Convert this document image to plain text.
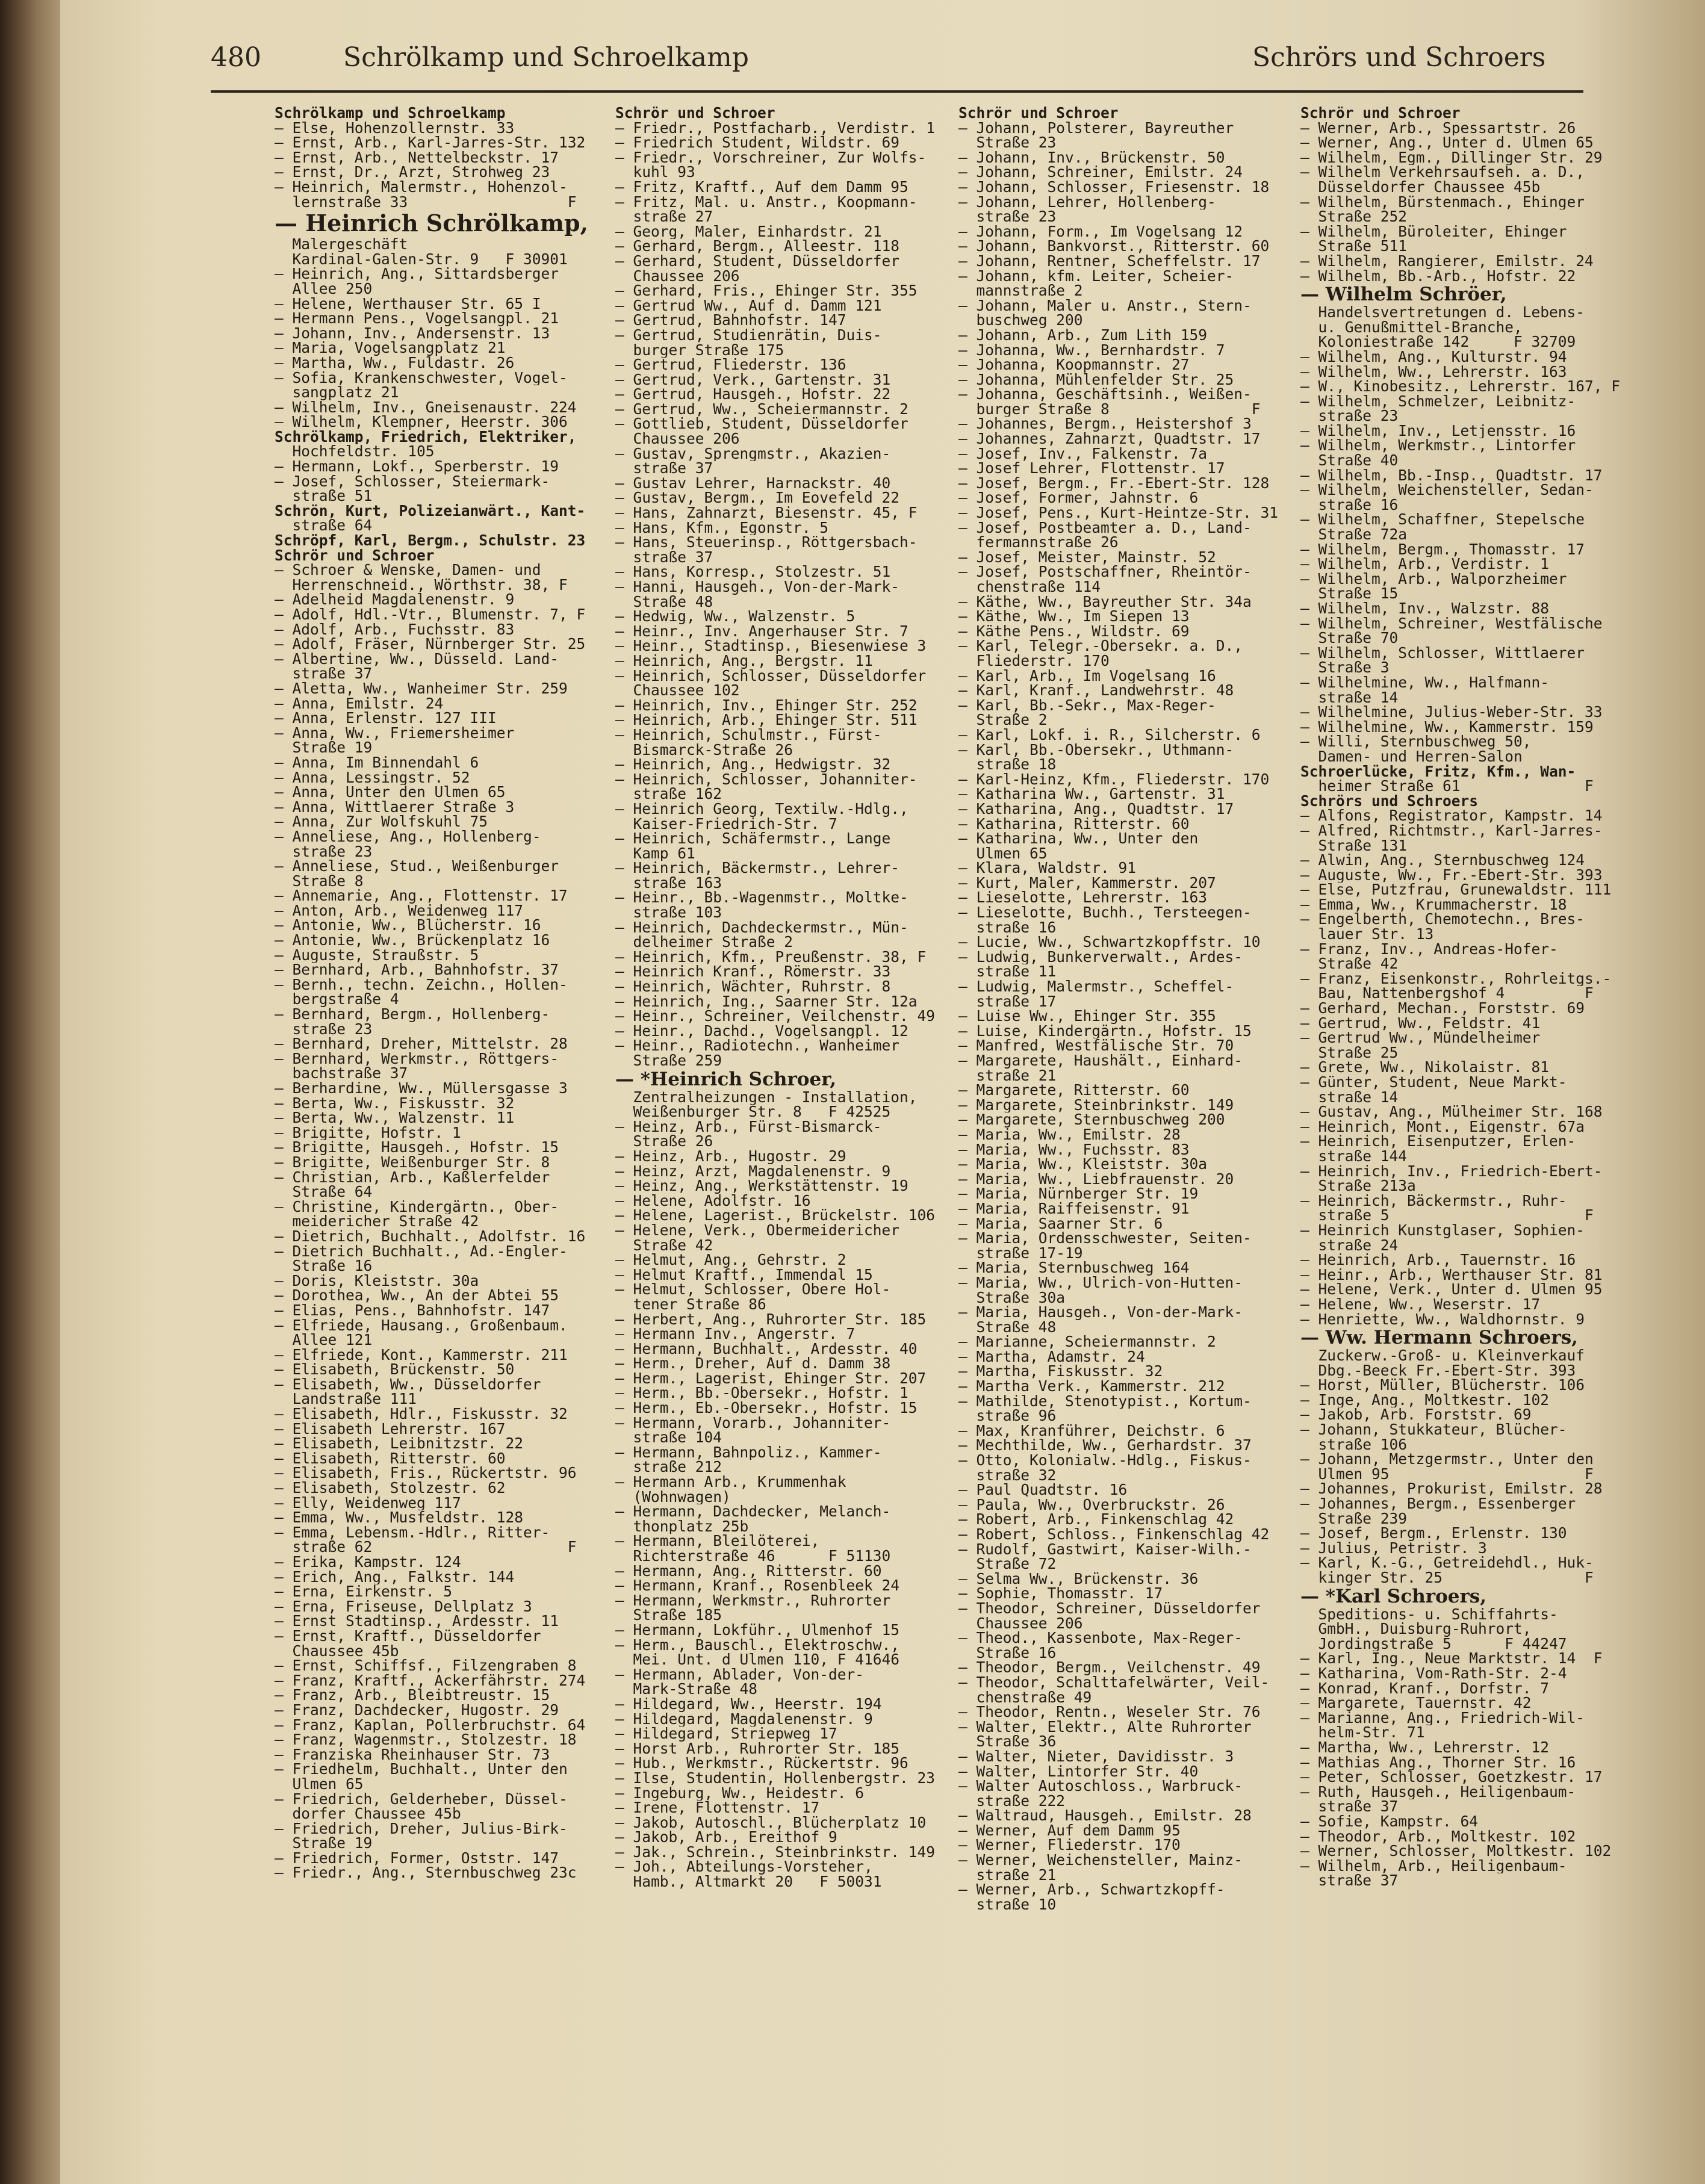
480	Schrölkamp und Schroelkamp	Schrörs und Schroers
Schrölkamp und Schroelkamp
— Else, Hohenzollernstr. 33
— Ernst, Arb., Karl-Jarres-Str. 132
— Ernst, Arb., Nettelbeckstr. 17
— Ernst, Dr., Arzt, Strohweg 23
— Heinrich, Malermstr., Hohenzol-
lernstraße 33                  F
— Heinrich Schrölkamp,
Malergeschäft
Kardinal-Galen-Str. 9   F 30901
— Heinrich, Ang., Sittardsberger
Allee 250
— Helene, Werthauser Str. 65 I
— Hermann Pens., Vogelsangpl. 21
— Johann, Inv., Andersenstr. 13
— Maria, Vogelsangplatz 21
— Martha, Ww., Fuldastr. 26
— Sofia, Krankenschwester, Vogel-
sangplatz 21
— Wilhelm, Inv., Gneisenaustr. 224
— Wilhelm, Klempner, Heerstr. 306
Schrölkamp, Friedrich, Elektriker,
Hochfeldstr. 105
— Hermann, Lokf., Sperberstr. 19
— Josef, Schlosser, Steiermark-
straße 51
Schrön, Kurt, Polizeianwärt., Kant-
straße 64
Schröpf, Karl, Bergm., Schulstr. 23
Schrör und Schroer
— Schroer & Wenske, Damen- und
Herrenschneid., Wörthstr. 38, F
— Adelheid Magdalenenstr. 9
— Adolf, Hdl.-Vtr., Blumenstr. 7, F
— Adolf, Arb., Fuchsstr. 83
— Adolf, Fräser, Nürnberger Str. 25
— Albertine, Ww., Düsseld. Land-
straße 37
— Aletta, Ww., Wanheimer Str. 259
— Anna, Emilstr. 24
— Anna, Erlenstr. 127 III
— Anna, Ww., Friemersheimer
Straße 19
— Anna, Im Binnendahl 6
— Anna, Lessingstr. 52
— Anna, Unter den Ulmen 65
— Anna, Wittlaerer Straße 3
— Anna, Zur Wolfskuhl 75
— Anneliese, Ang., Hollenberg-
straße 23
— Anneliese, Stud., Weißenburger
Straße 8
— Annemarie, Ang., Flottenstr. 17
— Anton, Arb., Weidenweg 117
— Antonie, Ww., Blücherstr. 16
— Antonie, Ww., Brückenplatz 16
— Auguste, Straußstr. 5
— Bernhard, Arb., Bahnhofstr. 37
— Bernh., techn. Zeichn., Hollen-
bergstraße 4
— Bernhard, Bergm., Hollenberg-
straße 23
— Bernhard, Dreher, Mittelstr. 28
— Bernhard, Werkmstr., Röttgers-
bachstraße 37
— Berhardine, Ww., Müllersgasse 3
— Berta, Ww., Fiskusstr. 32
— Berta, Ww., Walzenstr. 11
— Brigitte, Hofstr. 1
— Brigitte, Hausgeh., Hofstr. 15
— Brigitte, Weißenburger Str. 8
— Christian, Arb., Kaßlerfelder
Straße 64
— Christine, Kindergärtn., Ober-
meidericher Straße 42
— Dietrich, Buchhalt., Adolfstr. 16
— Dietrich Buchhalt., Ad.-Engler-
Straße 16
— Doris, Kleiststr. 30a
— Dorothea, Ww., An der Abtei 55
— Elias, Pens., Bahnhofstr. 147
— Elfriede, Hausang., Großenbaum.
Allee 121
— Elfriede, Kont., Kammerstr. 211
— Elisabeth, Brückenstr. 50
— Elisabeth, Ww., Düsseldorfer
Landstraße 111
— Elisabeth, Hdlr., Fiskusstr. 32
— Elisabeth Lehrerstr. 167
— Elisabeth, Leibnitzstr. 22
— Elisabeth, Ritterstr. 60
— Elisabeth, Fris., Rückertstr. 96
— Elisabeth, Stolzestr. 62
— Elly, Weidenweg 117
— Emma, Ww., Musfeldstr. 128
— Emma, Lebensm.-Hdlr., Ritter-
straße 62                      F
— Erika, Kampstr. 124
— Erich, Ang., Falkstr. 144
— Erna, Eirkenstr. 5
— Erna, Friseuse, Dellplatz 3
— Ernst Stadtinsp., Ardesstr. 11
— Ernst, Kraftf., Düsseldorfer
Chaussee 45b
— Ernst, Schiffsf., Filzengraben 8
— Franz, Kraftf., Ackerfährstr. 274
— Franz, Arb., Bleibtreustr. 15
— Franz, Dachdecker, Hugostr. 29
— Franz, Kaplan, Pollerbruchstr. 64
— Franz, Wagenmstr., Stolzestr. 18
— Franziska Rheinhauser Str. 73
— Friedhelm, Buchhalt., Unter den
Ulmen 65
— Friedrich, Gelderheber, Düssel-
dorfer Chaussee 45b
— Friedrich, Dreher, Julius-Birk-
Straße 19
— Friedrich, Former, Oststr. 147
— Friedr., Ang., Sternbuschweg 23c
Schrör und Schroer
— Friedr., Postfacharb., Verdistr. 1
— Friedrich Student, Wildstr. 69
— Friedr., Vorschreiner, Zur Wolfs-
kuhl 93
— Fritz, Kraftf., Auf dem Damm 95
— Fritz, Mal. u. Anstr., Koopmann-
straße 27
— Georg, Maler, Einhardstr. 21
— Gerhard, Bergm., Alleestr. 118
— Gerhard, Student, Düsseldorfer
Chaussee 206
— Gerhard, Fris., Ehinger Str. 355
— Gertrud Ww., Auf d. Damm 121
— Gertrud, Bahnhofstr. 147
— Gertrud, Studienrätin, Duis-
burger Straße 175
— Gertrud, Fliederstr. 136
— Gertrud, Verk., Gartenstr. 31
— Gertrud, Hausgeh., Hofstr. 22
— Gertrud, Ww., Scheiermannstr. 2
— Gottlieb, Student, Düsseldorfer
Chaussee 206
— Gustav, Sprengmstr., Akazien-
straße 37
— Gustav Lehrer, Harnackstr. 40
— Gustav, Bergm., Im Eovefeld 22
— Hans, Zahnarzt, Biesenstr. 45, F
— Hans, Kfm., Egonstr. 5
— Hans, Steuerinsp., Röttgersbach-
straße 37
— Hans, Korresp., Stolzestr. 51
— Hanni, Hausgeh., Von-der-Mark-
Straße 48
— Hedwig, Ww., Walzenstr. 5
— Heinr., Inv. Angerhauser Str. 7
— Heinr., Stadtinsp., Biesenwiese 3
— Heinrich, Ang., Bergstr. 11
— Heinrich, Schlosser, Düsseldorfer
Chaussee 102
— Heinrich, Inv., Ehinger Str. 252
— Heinrich, Arb., Ehinger Str. 511
— Heinrich, Schulmstr., Fürst-
Bismarck-Straße 26
— Heinrich, Ang., Hedwigstr. 32
— Heinrich, Schlosser, Johanniter-
straße 162
— Heinrich Georg, Textilw.-Hdlg.,
Kaiser-Friedrich-Str. 7
— Heinrich, Schäfermstr., Lange
Kamp 61
— Heinrich, Bäckermstr., Lehrer-
straße 163
— Heinr., Bb.-Wagenmstr., Moltke-
straße 103
— Heinrich, Dachdeckermstr., Mün-
delheimer Straße 2
— Heinrich, Kfm., Preußenstr. 38, F
— Heinrich Kranf., Römerstr. 33
— Heinrich, Wächter, Ruhrstr. 8
— Heinrich, Ing., Saarner Str. 12a
— Heinr., Schreiner, Veilchenstr. 49
— Heinr., Dachd., Vogelsangpl. 12
— Heinr., Radiotechn., Wanheimer
Straße 259
— *Heinrich Schroer,
Zentralheizungen - Installation,
Weißenburger Str. 8   F 42525
— Heinz, Arb., Fürst-Bismarck-
Straße 26
— Heinz, Arb., Hugostr. 29
— Heinz, Arzt, Magdalenenstr. 9
— Heinz, Ang., Werkstättenstr. 19
— Helene, Adolfstr. 16
— Helene, Lagerist., Brückelstr. 106
— Helene, Verk., Obermeidericher
Straße 42
— Helmut, Ang., Gehrstr. 2
— Helmut Kraftf., Immendal 15
— Helmut, Schlosser, Obere Hol-
tener Straße 86
— Herbert, Ang., Ruhrorter Str. 185
— Hermann Inv., Angerstr. 7
— Hermann, Buchhalt., Ardesstr. 40
— Herm., Dreher, Auf d. Damm 38
— Herm., Lagerist, Ehinger Str. 207
— Herm., Bb.-Obersekr., Hofstr. 1
— Herm., Eb.-Obersekr., Hofstr. 15
— Hermann, Vorarb., Johanniter-
straße 104
— Hermann, Bahnpoliz., Kammer-
straße 212
— Hermann Arb., Krummenhak
(Wohnwagen)
— Hermann, Dachdecker, Melanch-
thonplatz 25b
— Hermann, Bleilöterei,
Richterstraße 46      F 51130
— Hermann, Ang., Ritterstr. 60
— Hermann, Kranf., Rosenbleek 24
— Hermann, Werkmstr., Ruhrorter
Straße 185
— Hermann, Lokführ., Ulmenhof 15
— Herm., Bauschl., Elektroschw.,
Mei. Unt. d Ulmen 110, F 41646
— Hermann, Ablader, Von-der-
Mark-Straße 48
— Hildegard, Ww., Heerstr. 194
— Hildegard, Magdalenenstr. 9
— Hildegard, Striepweg 17
— Horst Arb., Ruhrorter Str. 185
— Hub., Werkmstr., Rückertstr. 96
— Ilse, Studentin, Hollenbergstr. 23
— Ingeburg, Ww., Heidestr. 6
— Irene, Flottenstr. 17
— Jakob, Autoschl., Blücherplatz 10
— Jakob, Arb., Ereithof 9
— Jak., Schrein., Steinbrinkstr. 149
— Joh., Abteilungs-Vorsteher,
Hamb., Altmarkt 20   F 50031
Schrör und Schroer
— Johann, Polsterer, Bayreuther
Straße 23
— Johann, Inv., Brückenstr. 50
— Johann, Schreiner, Emilstr. 24
— Johann, Schlosser, Friesenstr. 18
— Johann, Lehrer, Hollenberg-
straße 23
— Johann, Form., Im Vogelsang 12
— Johann, Bankvorst., Ritterstr. 60
— Johann, Rentner, Scheffelstr. 17
— Johann, kfm. Leiter, Scheier-
mannstraße 2
— Johann, Maler u. Anstr., Stern-
buschweg 200
— Johann, Arb., Zum Lith 159
— Johanna, Ww., Bernhardstr. 7
— Johanna, Koopmannstr. 27
— Johanna, Mühlenfelder Str. 25
— Johanna, Geschäftsinh., Weißen-
burger Straße 8                F
— Johannes, Bergm., Heistershof 3
— Johannes, Zahnarzt, Quadtstr. 17
— Josef, Inv., Falkenstr. 7a
— Josef Lehrer, Flottenstr. 17
— Josef, Bergm., Fr.-Ebert-Str. 128
— Josef, Former, Jahnstr. 6
— Josef, Pens., Kurt-Heintze-Str. 31
— Josef, Postbeamter a. D., Land-
fermannstraße 26
— Josef, Meister, Mainstr. 52
— Josef, Postschaffner, Rheintör-
chenstraße 114
— Käthe, Ww., Bayreuther Str. 34a
— Käthe, Ww., Im Siepen 13
— Käthe Pens., Wildstr. 69
— Karl, Telegr.-Obersekr. a. D.,
Fliederstr. 170
— Karl, Arb., Im Vogelsang 16
— Karl, Kranf., Landwehrstr. 48
— Karl, Bb.-Sekr., Max-Reger-
Straße 2
— Karl, Lokf. i. R., Silcherstr. 6
— Karl, Bb.-Obersekr., Uthmann-
straße 18
— Karl-Heinz, Kfm., Fliederstr. 170
— Katharina Ww., Gartenstr. 31
— Katharina, Ang., Quadtstr. 17
— Katharina, Ritterstr. 60
— Katharina, Ww., Unter den
Ulmen 65
— Klara, Waldstr. 91
— Kurt, Maler, Kammerstr. 207
— Lieselotte, Lehrerstr. 163
— Lieselotte, Buchh., Tersteegen-
straße 16
— Lucie, Ww., Schwartzkopffstr. 10
— Ludwig, Bunkerverwalt., Ardes-
straße 11
— Ludwig, Malermstr., Scheffel-
straße 17
— Luise Ww., Ehinger Str. 355
— Luise, Kindergärtn., Hofstr. 15
— Manfred, Westfälische Str. 70
— Margarete, Haushält., Einhard-
straße 21
— Margarete, Ritterstr. 60
— Margarete, Steinbrinkstr. 149
— Margarete, Sternbuschweg 200
— Maria, Ww., Emilstr. 28
— Maria, Ww., Fuchsstr. 83
— Maria, Ww., Kleiststr. 30a
— Maria, Ww., Liebfrauenstr. 20
— Maria, Nürnberger Str. 19
— Maria, Raiffeisenstr. 91
— Maria, Saarner Str. 6
— Maria, Ordensschwester, Seiten-
straße 17-19
— Maria, Sternbuschweg 164
— Maria, Ww., Ulrich-von-Hutten-
Straße 30a
— Maria, Hausgeh., Von-der-Mark-
Straße 48
— Marianne, Scheiermannstr. 2
— Martha, Adamstr. 24
— Martha, Fiskusstr. 32
— Martha Verk., Kammerstr. 212
— Mathilde, Stenotypist., Kortum-
straße 96
— Max, Kranführer, Deichstr. 6
— Mechthilde, Ww., Gerhardstr. 37
— Otto, Kolonialw.-Hdlg., Fiskus-
straße 32
— Paul Quadtstr. 16
— Paula, Ww., Overbruckstr. 26
— Robert, Arb., Finkenschlag 42
— Robert, Schloss., Finkenschlag 42
— Rudolf, Gastwirt, Kaiser-Wilh.-
Straße 72
— Selma Ww., Brückenstr. 36
— Sophie, Thomasstr. 17
— Theodor, Schreiner, Düsseldorfer
Chaussee 206
— Theod., Kassenbote, Max-Reger-
Straße 16
— Theodor, Bergm., Veilchenstr. 49
— Theodor, Schalttafelwärter, Veil-
chenstraße 49
— Theodor, Rentn., Weseler Str. 76
— Walter, Elektr., Alte Ruhrorter
Straße 36
— Walter, Nieter, Davidisstr. 3
— Walter, Lintorfer Str. 40
— Walter Autoschloss., Warbruck-
straße 222
— Waltraud, Hausgeh., Emilstr. 28
— Werner, Auf dem Damm 95
— Werner, Fliederstr. 170
— Werner, Weichensteller, Mainz-
straße 21
— Werner, Arb., Schwartzkopff-
straße 10
Schrör und Schroer
— Werner, Arb., Spessartstr. 26
— Werner, Ang., Unter d. Ulmen 65
— Wilhelm, Egm., Dillinger Str. 29
— Wilhelm Verkehrsaufseh. a. D.,
Düsseldorfer Chaussee 45b
— Wilhelm, Bürstenmach., Ehinger
Straße 252
— Wilhelm, Büroleiter, Ehinger
Straße 511
— Wilhelm, Rangierer, Emilstr. 24
— Wilhelm, Bb.-Arb., Hofstr. 22
— Wilhelm Schröer,
Handelsvertretungen d. Lebens-
u. Genußmittel-Branche,
Koloniestraße 142     F 32709
— Wilhelm, Ang., Kulturstr. 94
— Wilhelm, Ww., Lehrerstr. 163
— W., Kinobesitz., Lehrerstr. 167, F
— Wilhelm, Schmelzer, Leibnitz-
straße 23
— Wilhelm, Inv., Letjensstr. 16
— Wilhelm, Werkmstr., Lintorfer
Straße 40
— Wilhelm, Bb.-Insp., Quadtstr. 17
— Wilhelm, Weichensteller, Sedan-
straße 16
— Wilhelm, Schaffner, Stepelsche
Straße 72a
— Wilhelm, Bergm., Thomasstr. 17
— Wilhelm, Arb., Verdistr. 1
— Wilhelm, Arb., Walporzheimer
Straße 15
— Wilhelm, Inv., Walzstr. 88
— Wilhelm, Schreiner, Westfälische
Straße 70
— Wilhelm, Schlosser, Wittlaerer
Straße 3
— Wilhelmine, Ww., Halfmann-
straße 14
— Wilhelmine, Julius-Weber-Str. 33
— Wilhelmine, Ww., Kammerstr. 159
— Willi, Sternbuschweg 50,
Damen- und Herren-Salon
Schroerlücke, Fritz, Kfm., Wan-
heimer Straße 61              F
Schrörs und Schroers
— Alfons, Registrator, Kampstr. 14
— Alfred, Richtmstr., Karl-Jarres-
Straße 131
— Alwin, Ang., Sternbuschweg 124
— Auguste, Ww., Fr.-Ebert-Str. 393
— Else, Putzfrau, Grunewaldstr. 111
— Emma, Ww., Krummacherstr. 18
— Engelberth, Chemotechn., Bres-
lauer Str. 13
— Franz, Inv., Andreas-Hofer-
Straße 42
— Franz, Eisenkonstr., Rohrleitgs.-
Bau, Nattenbergshof 4         F
— Gerhard, Mechan., Forststr. 69
— Gertrud, Ww., Feldstr. 41
— Gertrud Ww., Mündelheimer
Straße 25
— Grete, Ww., Nikolaistr. 81
— Günter, Student, Neue Markt-
straße 14
— Gustav, Ang., Mülheimer Str. 168
— Heinrich, Mont., Eigenstr. 67a
— Heinrich, Eisenputzer, Erlen-
straße 144
— Heinrich, Inv., Friedrich-Ebert-
Straße 213a
— Heinrich, Bäckermstr., Ruhr-
straße 5                      F
— Heinrich Kunstglaser, Sophien-
straße 24
— Heinrich, Arb., Tauernstr. 16
— Heinr., Arb., Werthauser Str. 81
— Helene, Verk., Unter d. Ulmen 95
— Helene, Ww., Weserstr. 17
— Henriette, Ww., Waldhornstr. 9
— Ww. Hermann Schroers,
Zuckerw.-Groß- u. Kleinverkauf
Dbg.-Beeck Fr.-Ebert-Str. 393
— Horst, Müller, Blücherstr. 106
— Inge, Ang., Moltkestr. 102
— Jakob, Arb. Forststr. 69
— Johann, Stukkateur, Blücher-
straße 106
— Johann, Metzgermstr., Unter den
Ulmen 95                      F
— Johannes, Prokurist, Emilstr. 28
— Johannes, Bergm., Essenberger
Straße 239
— Josef, Bergm., Erlenstr. 130
— Julius, Petristr. 3
— Karl, K.-G., Getreidehdl., Huk-
kinger Str. 25                F
— *Karl Schroers,
Speditions- u. Schiffahrts-
GmbH., Duisburg-Ruhrort,
Jordingstraße 5      F 44247
— Karl, Ing., Neue Marktstr. 14  F
— Katharina, Vom-Rath-Str. 2-4
— Konrad, Kranf., Dorfstr. 7
— Margarete, Tauernstr. 42
— Marianne, Ang., Friedrich-Wil-
helm-Str. 71
— Martha, Ww., Lehrerstr. 12
— Mathias Ang., Thorner Str. 16
— Peter, Schlosser, Goetzkestr. 17
— Ruth, Hausgeh., Heiligenbaum-
straße 37
— Sofie, Kampstr. 64
— Theodor, Arb., Moltkestr. 102
— Werner, Schlosser, Moltkestr. 102
— Wilhelm, Arb., Heiligenbaum-
straße 37
